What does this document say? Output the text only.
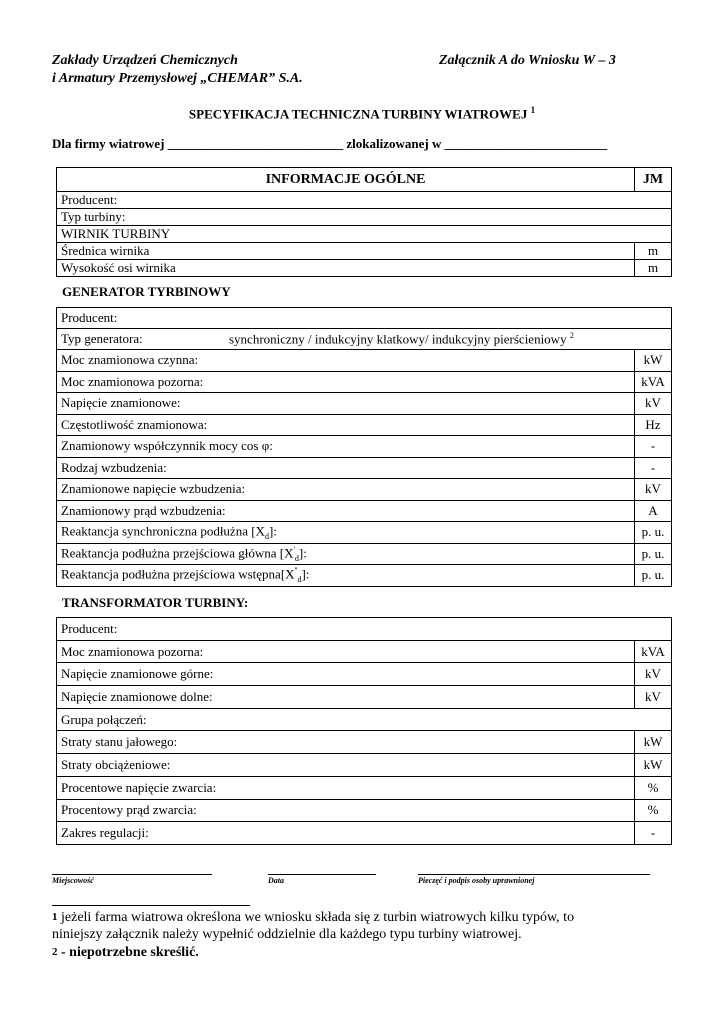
Zakłady Urządzeń Chemicznych
i Armatury Przemysłowej „CHEMAR” S.A.
Załącznik A do Wniosku W – 3
SPECYFIKACJA TECHNICZNA TURBINY WIATROWEJ $^1$
Dla firmy wiatrowej ___________________________ zlokalizowanej w _________________________
INFORMACJE OGÓLNE	JM
Producent:	
Typ turbiny:	
WIRNIK TURBINY	
Średnica wirnika	m
Wysokość osi wirnika	m
GENERATOR TYRBINOWY
Producent:	
Typ generatora: synchroniczny / indukcyjny klatkowy/ indukcyjny pierścieniowy $^2$
Moc znamionowa czynna:	kW
Moc znamionowa pozorna:	kVA
Napięcie znamionowe:	kV
Częstotliwość znamionowa:	Hz
Znamionowy współczynnik mocy cos φ:	-
Rodzaj wzbudzenia:	-
Znamionowe napięcie wzbudzenia:	kV
Znamionowy prąd wzbudzenia:	A
Reaktancja synchroniczna podłużna $[X_d]$:	p. u.
Reaktancja podłużna przejściowa główna $[X'_d]$:	p. u.
Reaktancja podłużna przejściowa $wstępna[X''_d]$:	p. u.
TRANSFORMATOR TURBINY:
Producent:	
Moc znamionowa pozorna:	kVA
Napięcie znamionowe górne:	kV
Napięcie znamionowe dolne:	kV
Grupa połączeń:	
Straty stanu jałowego:	kW
Straty obciążeniowe:	kW
Procentowe napięcie zwarcia:	%
Procentowy prąd zwarcia:	%
Zakres regulacji:	-
Miejscowość	Data	Pieczęć i podpis osoby uprawnionej
$^1$ jeżeli farma wiatrowa określona we wniosku składa się z turbin wiatrowych kilku typów, to niniejszy załącznik należy wypełnić oddzielnie dla każdego typu turbiny wiatrowej.
$^2$ - niepotrzebne skreślić.
